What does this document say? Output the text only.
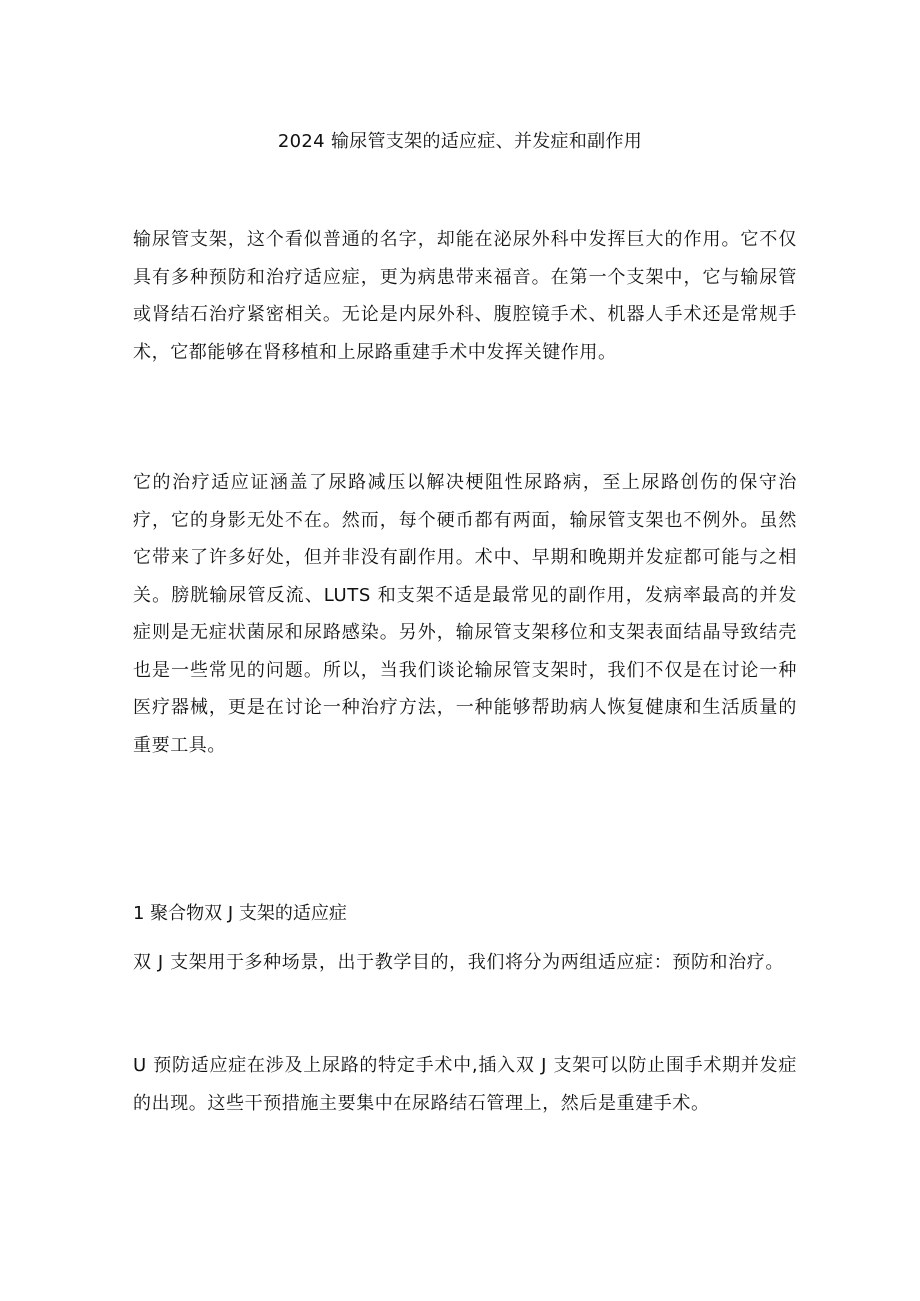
2024 输尿管支架的适应症、并发症和副作用

输尿管支架，这个看似普通的名字，却能在泌尿外科中发挥巨大的作用。它不仅具有多种预防和治疗适应症，更为病患带来福音。在第一个支架中，它与输尿管或肾结石治疗紧密相关。无论是内尿外科、腹腔镜手术、机器人手术还是常规手术，它都能够在肾移植和上尿路重建手术中发挥关键作用。

它的治疗适应证涵盖了尿路减压以解决梗阻性尿路病，至上尿路创伤的保守治疗，它的身影无处不在。然而，每个硬币都有两面，输尿管支架也不例外。虽然它带来了许多好处，但并非没有副作用。术中、早期和晚期并发症都可能与之相关。膀胱输尿管反流、LUTS 和支架不适是最常见的副作用，发病率最高的并发症则是无症状菌尿和尿路感染。另外，输尿管支架移位和支架表面结晶导致结壳也是一些常见的问题。所以，当我们谈论输尿管支架时，我们不仅是在讨论一种医疗器械，更是在讨论一种治疗方法，一种能够帮助病人恢复健康和生活质量的重要工具。

1 聚合物双 J 支架的适应症

双 J 支架用于多种场景，出于教学目的，我们将分为两组适应症：预防和治疗。

U 预防适应症在涉及上尿路的特定手术中,插入双 J 支架可以防止围手术期并发症的出现。这些干预措施主要集中在尿路结石管理上，然后是重建手术。
